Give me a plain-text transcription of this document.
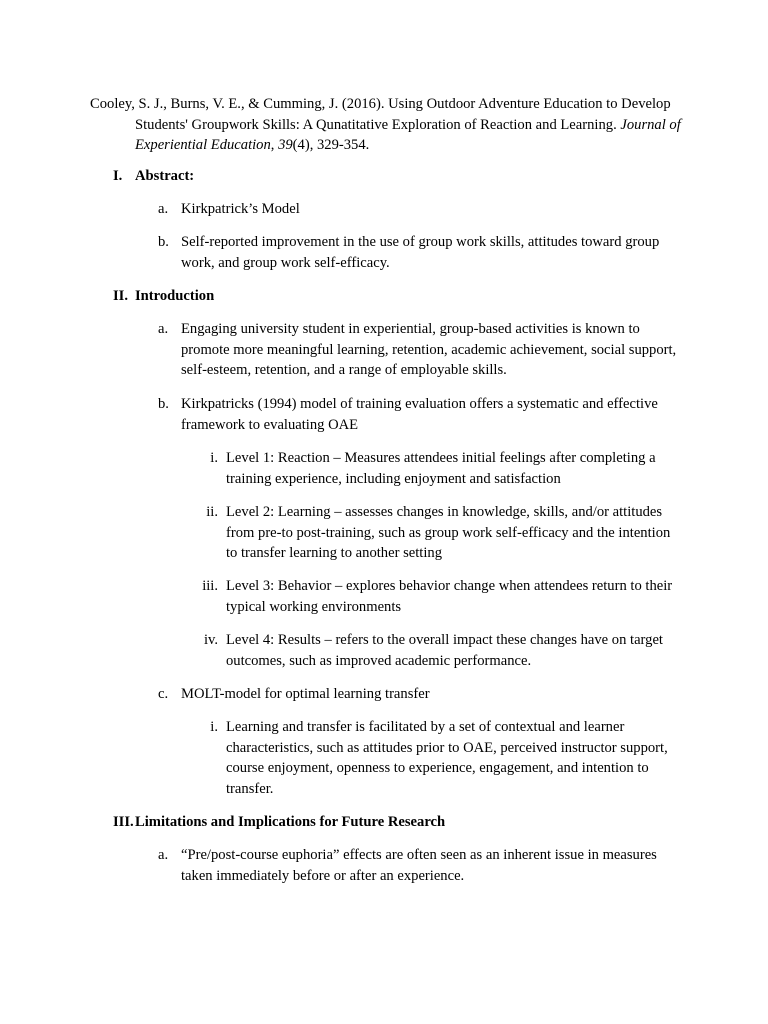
Cooley, S. J., Burns, V. E., & Cumming, J. (2016). Using Outdoor Adventure Education to Develop Students' Groupwork Skills: A Qunatitative Exploration of Reaction and Learning. Journal of Experiential Education, 39(4), 329-354.
I. Abstract:
a. Kirkpatrick’s Model
b. Self-reported improvement in the use of group work skills, attitudes toward group work, and group work self-efficacy.
II. Introduction
a. Engaging university student in experiential, group-based activities is known to promote more meaningful learning, retention, academic achievement, social support, self-esteem, retention, and a range of employable skills.
b. Kirkpatricks (1994) model of training evaluation offers a systematic and effective framework to evaluating OAE
i. Level 1: Reaction – Measures attendees initial feelings after completing a training experience, including enjoyment and satisfaction
ii. Level 2: Learning – assesses changes in knowledge, skills, and/or attitudes from pre-to post-training, such as group work self-efficacy and the intention to transfer learning to another setting
iii. Level 3: Behavior – explores behavior change when attendees return to their typical working environments
iv. Level 4: Results – refers to the overall impact these changes have on target outcomes, such as improved academic performance.
c. MOLT-model for optimal learning transfer
i. Learning and transfer is facilitated by a set of contextual and learner characteristics, such as attitudes prior to OAE, perceived instructor support, course enjoyment, openness to experience, engagement, and intention to transfer.
III. Limitations and Implications for Future Research
a. “Pre/post-course euphoria” effects are often seen as an inherent issue in measures taken immediately before or after an experience.
